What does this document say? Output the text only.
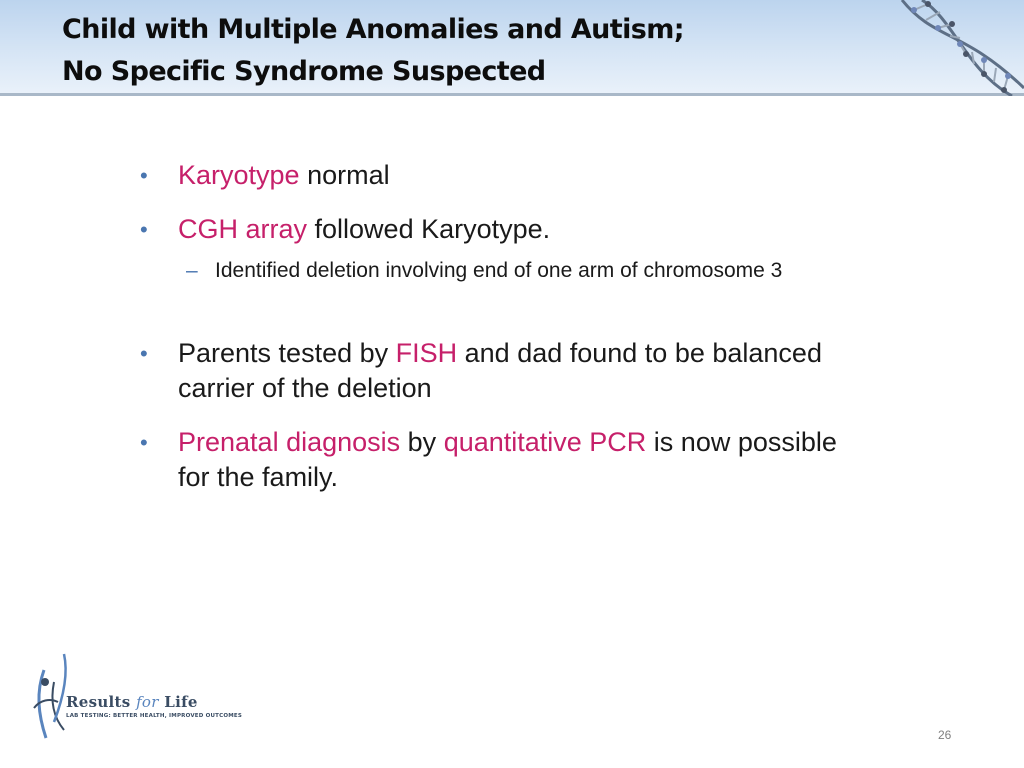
Child with Multiple Anomalies and Autism;
No Specific Syndrome Suspected
• Karyotype normal
• CGH array followed Karyotype.
– Identified deletion involving end of one arm of chromosome 3
• Parents tested by FISH and dad found to be balanced carrier of the deletion
• Prenatal diagnosis by quantitative PCR is now possible for the family.
Results for Life
LAB TESTING: BETTER HEALTH, IMPROVED OUTCOMES
26
